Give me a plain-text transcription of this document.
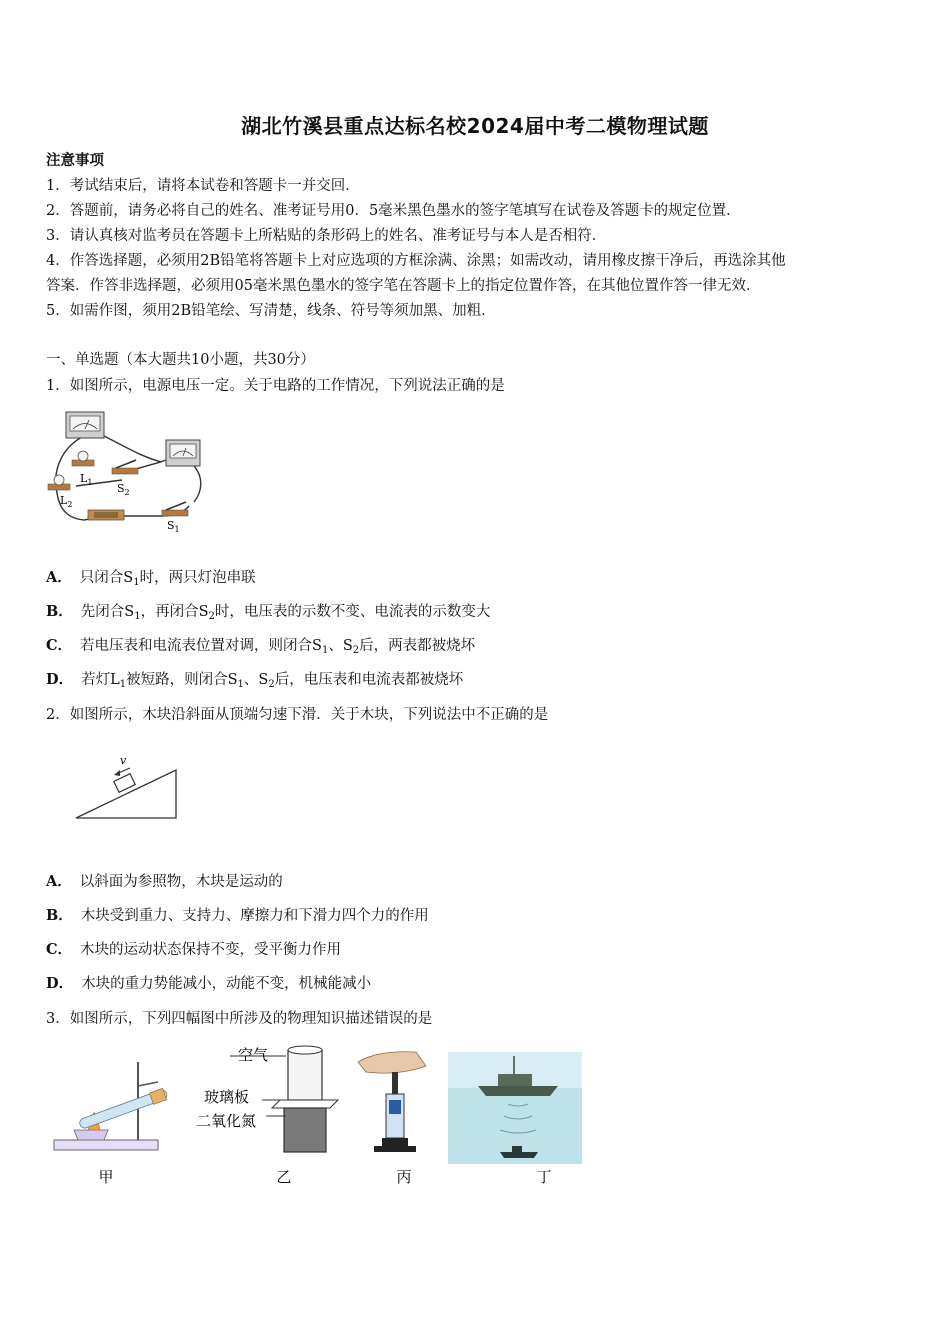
湖北竹溪县重点达标名校2024届中考二模物理试题
注意事项
1．考试结束后，请将本试卷和答题卡一并交回．
2．答题前，请务必将自己的姓名、准考证号用0．5毫米黑色墨水的签字笔填写在试卷及答题卡的规定位置．
3．请认真核对监考员在答题卡上所粘贴的条形码上的姓名、准考证号与本人是否相符．
4．作答选择题，必须用2B铅笔将答题卡上对应选项的方框涂满、涂黑；如需改动，请用橡皮擦干净后，再选涂其他
答案．作答非选择题，必须用05毫米黑色墨水的签字笔在答题卡上的指定位置作答，在其他位置作答一律无效．
5．如需作图，须用2B铅笔绘、写清楚，线条、符号等须加黑、加粗．
一、单选题（本大题共10小题，共30分）
1．如图所示，电源电压一定。关于电路的工作情况，下列说法正确的是
$L_1$ $S_2$
$L_2$
$S_1$
A． 只闭合$S_1$时，两只灯泡串联
B． 先闭合$S_1$，再闭合$S_2$时，电压表的示数不变、电流表的示数变大
C． 若电压表和电流表位置对调，则闭合$S_1$、$S_2$后，两表都被烧坏
D． 若灯$L_1$被短路，则闭合$S_1$、$S_2$后，电压表和电流表都被烧坏
2．如图所示，木块沿斜面从顶端匀速下滑．关于木块，下列说法中不正确的是
v
A． 以斜面为参照物，木块是运动的
B． 木块受到重力、支持力、摩擦力和下滑力四个力的作用
C． 木块的运动状态保持不变，受平衡力作用
D． 木块的重力势能减小，动能不变，机械能减小
3．如图所示，下列四幅图中所涉及的物理知识描述错误的是
空气
玻璃板
二氧化氮
甲	乙	丙	丁
